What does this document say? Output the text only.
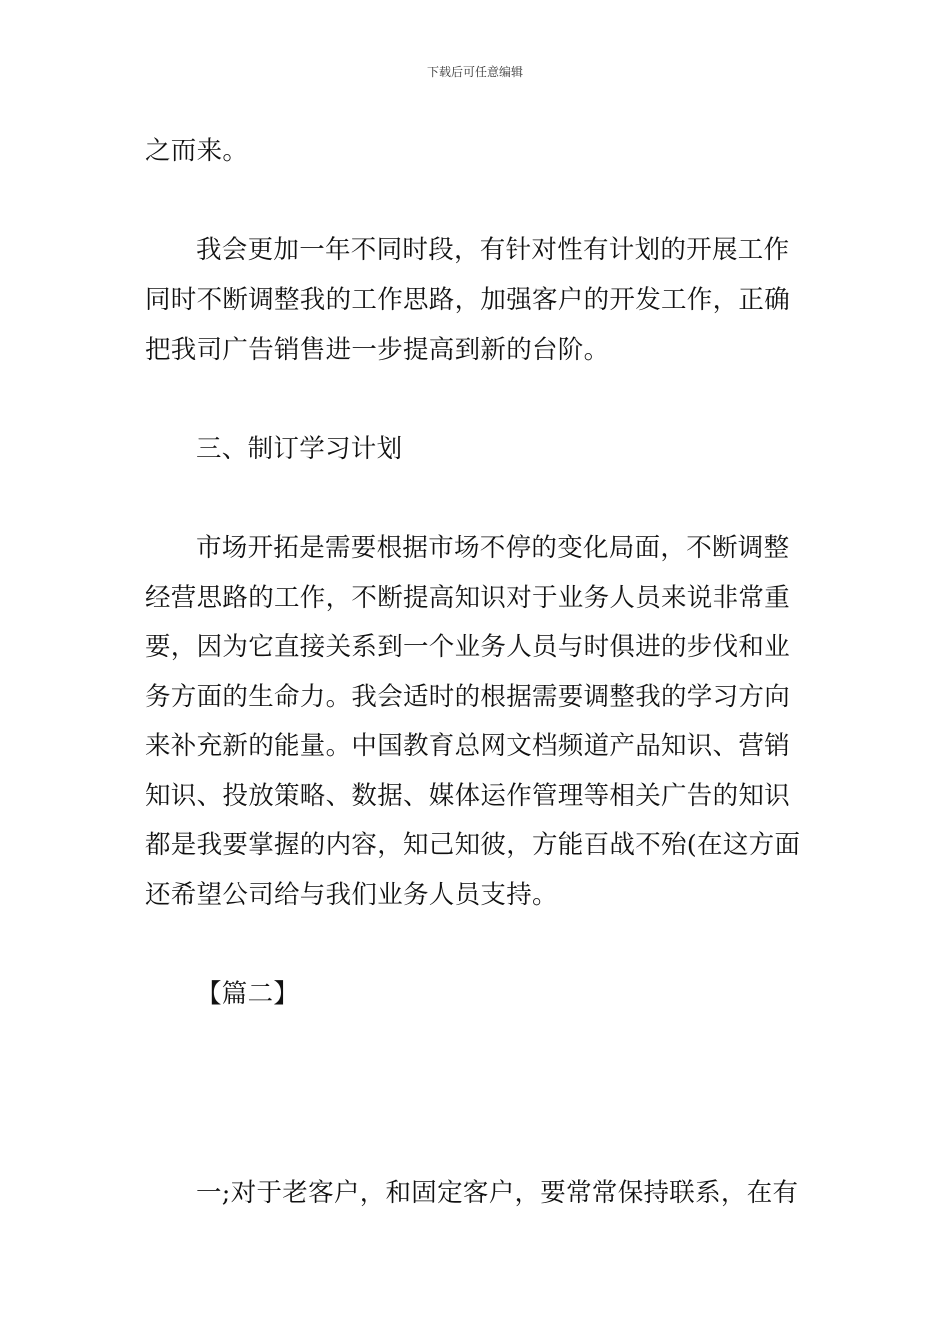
下载后可任意编辑
之而来。
我会更加一年不同时段，有针对性有计划的开展工作
同时不断调整我的工作思路，加强客户的开发工作，正确
把我司广告销售进一步提高到新的台阶。
三、制订学习计划
市场开拓是需要根据市场不停的变化局面，不断调整
经营思路的工作，不断提高知识对于业务人员来说非常重
要，因为它直接关系到一个业务人员与时俱进的步伐和业
务方面的生命力。我会适时的根据需要调整我的学习方向
来补充新的能量。中国教育总网文档频道产品知识、营销
知识、投放策略、数据、媒体运作管理等相关广告的知识
都是我要掌握的内容，知己知彼，方能百战不殆(在这方面
还希望公司给与我们业务人员支持。
【篇二】
一;对于老客户，和固定客户，要常常保持联系，在有
